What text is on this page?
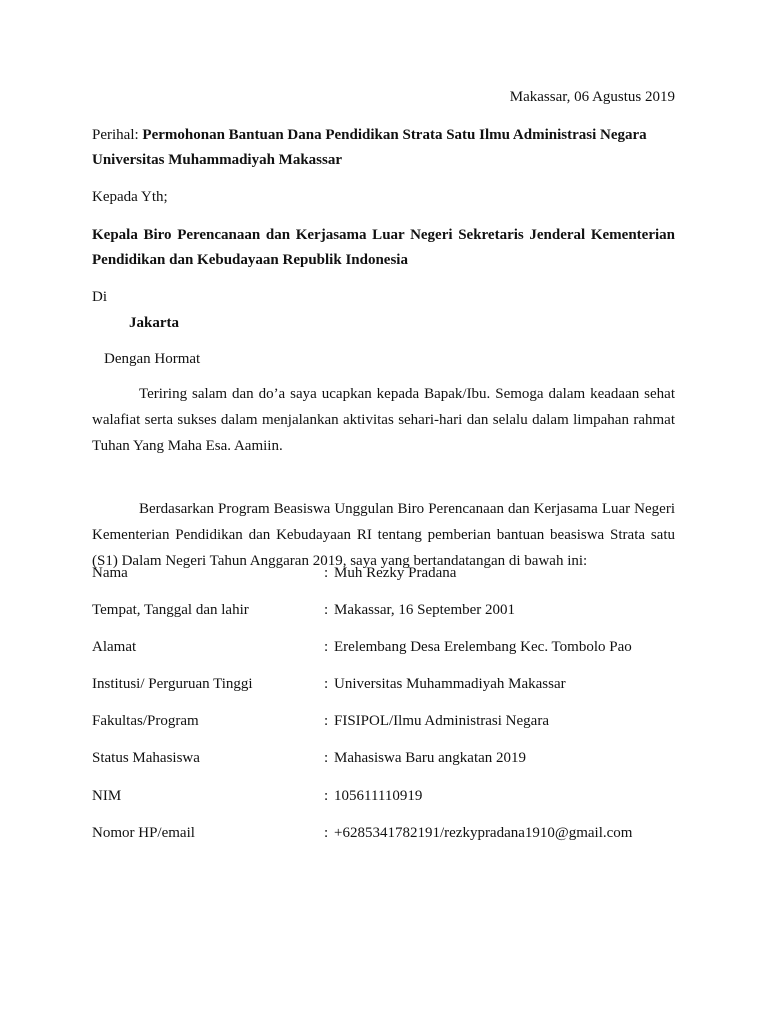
Makassar, 06 Agustus 2019
Perihal: Permohonan Bantuan Dana Pendidikan Strata Satu Ilmu Administrasi Negara Universitas Muhammadiyah Makassar
Kepada Yth;
Kepala Biro Perencanaan dan Kerjasama Luar Negeri Sekretaris Jenderal Kementerian Pendidikan dan Kebudayaan Republik Indonesia
Di
Jakarta
Dengan Hormat
Teriring salam dan do’a saya ucapkan kepada Bapak/Ibu. Semoga dalam keadaan sehat walafiat serta sukses dalam menjalankan aktivitas sehari-hari dan selalu dalam limpahan rahmat Tuhan Yang Maha Esa. Aamiin.
Berdasarkan Program Beasiswa Unggulan Biro Perencanaan dan Kerjasama Luar Negeri Kementerian Pendidikan dan Kebudayaan RI tentang pemberian bantuan beasiswa Strata satu (S1) Dalam Negeri Tahun Anggaran 2019, saya yang bertandatangan di bawah ini:
Nama	: Muh Rezky Pradana
Tempat, Tanggal dan lahir	: Makassar, 16 September 2001
Alamat	: Erelembang Desa Erelembang Kec. Tombolo Pao
Institusi/ Perguruan Tinggi	: Universitas Muhammadiyah Makassar
Fakultas/Program	: FISIPOL/Ilmu Administrasi Negara
Status Mahasiswa	: Mahasiswa Baru angkatan 2019
NIM	: 105611110919
Nomor HP/email	: +6285341782191/rezkypradana1910@gmail.com
